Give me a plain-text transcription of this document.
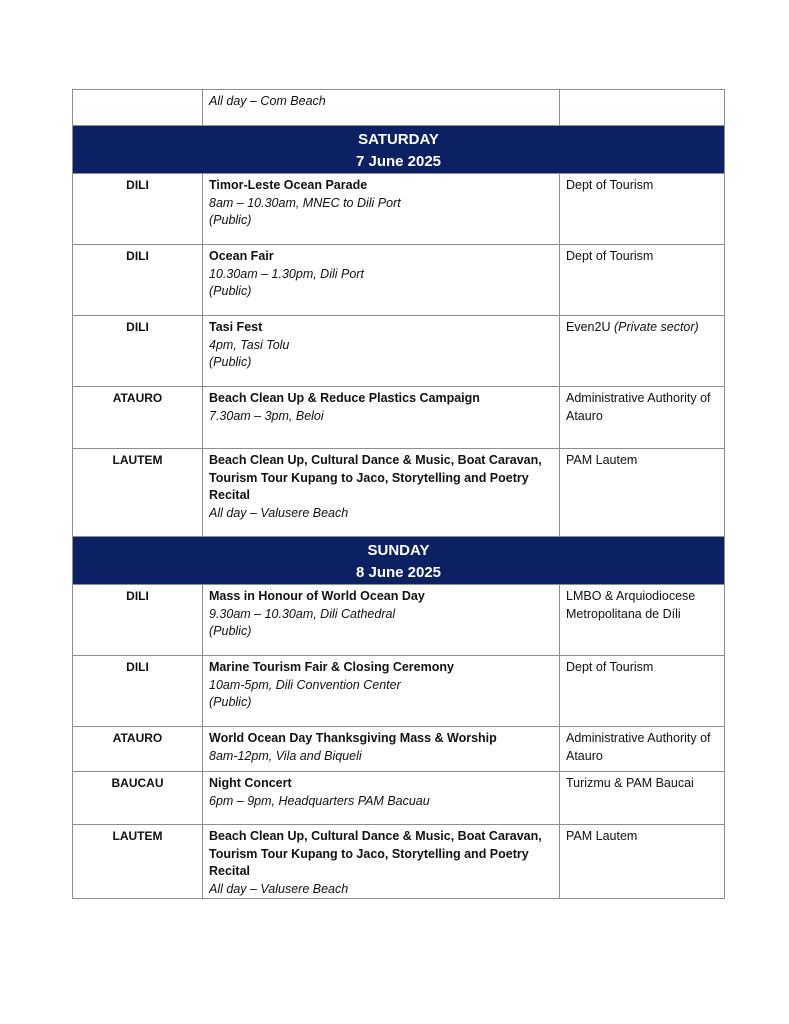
	All day – Com Beach	

SATURDAY
7 June 2025		

DILI	Timor-Leste Ocean Parade
8am – 10.30am, MNEC to Dili Port
(Public)	Dept of Tourism
DILI	Ocean Fair
10.30am – 1.30pm, Dili Port
(Public)	Dept of Tourism
DILI	Tasi Fest
4pm, Tasi Tolu
(Public)	Even2U (Private sector)
ATAURO	Beach Clean Up & Reduce Plastics Campaign
7.30am – 3pm, Beloi	Administrative Authority of Atauro
LAUTEM	Beach Clean Up, Cultural Dance & Music, Boat Caravan, Tourism Tour Kupang to Jaco, Storytelling and Poetry Recital
All day – Valusere Beach	PAM Lautem

SUNDAY
8 June 2025		

DILI	Mass in Honour of World Ocean Day
9.30am – 10.30am, Dili Cathedral
(Public)	LMBO & Arquiodiocese Metropolitana de Díli
DILI	Marine Tourism Fair & Closing Ceremony
10am-5pm, Dili Convention Center
(Public)	Dept of Tourism
ATAURO	World Ocean Day Thanksgiving Mass & Worship
8am-12pm, Vila and Biqueli	Administrative Authority of Atauro
BAUCAU	Night Concert
6pm – 9pm, Headquarters PAM Bacuau	Turizmu & PAM Baucai
LAUTEM	Beach Clean Up, Cultural Dance & Music, Boat Caravan, Tourism Tour Kupang to Jaco, Storytelling and Poetry Recital
All day – Valusere Beach	PAM Lautem
